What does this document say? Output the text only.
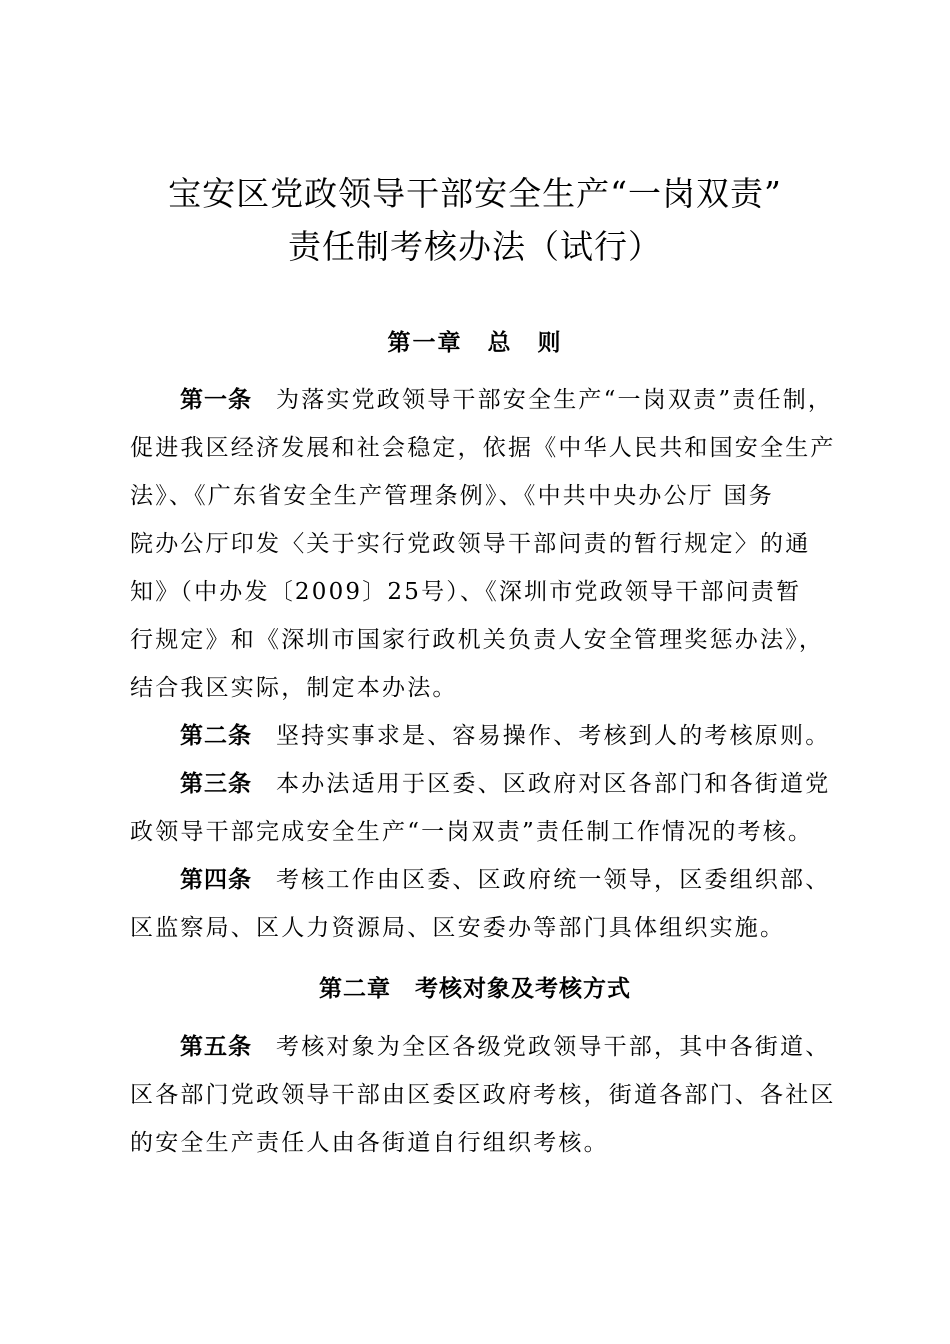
宝安区党政领导干部安全生产“一岗双责”
责任制考核办法（试行）
第一章　总　则
第一条 为落实党政领导干部安全生产“一岗双责”责任制，
促进我区经济发展和社会稳定，依据《中华人民共和国安全生产
法》、《广东省安全生产管理条例》、《中共中央办公厅 国务
院办公厅印发〈关于实行党政领导干部问责的暂行规定〉的通
知》（中办发〔2009〕25号）、《深圳市党政领导干部问责暂
行规定》和《深圳市国家行政机关负责人安全管理奖惩办法》，
结合我区实际，制定本办法。
第二条 坚持实事求是、容易操作、考核到人的考核原则。
第三条 本办法适用于区委、区政府对区各部门和各街道党
政领导干部完成安全生产“一岗双责”责任制工作情况的考核。
第四条 考核工作由区委、区政府统一领导，区委组织部、
区监察局、区人力资源局、区安委办等部门具体组织实施。
第二章　考核对象及考核方式
第五条 考核对象为全区各级党政领导干部，其中各街道、
区各部门党政领导干部由区委区政府考核，街道各部门、各社区
的安全生产责任人由各街道自行组织考核。
